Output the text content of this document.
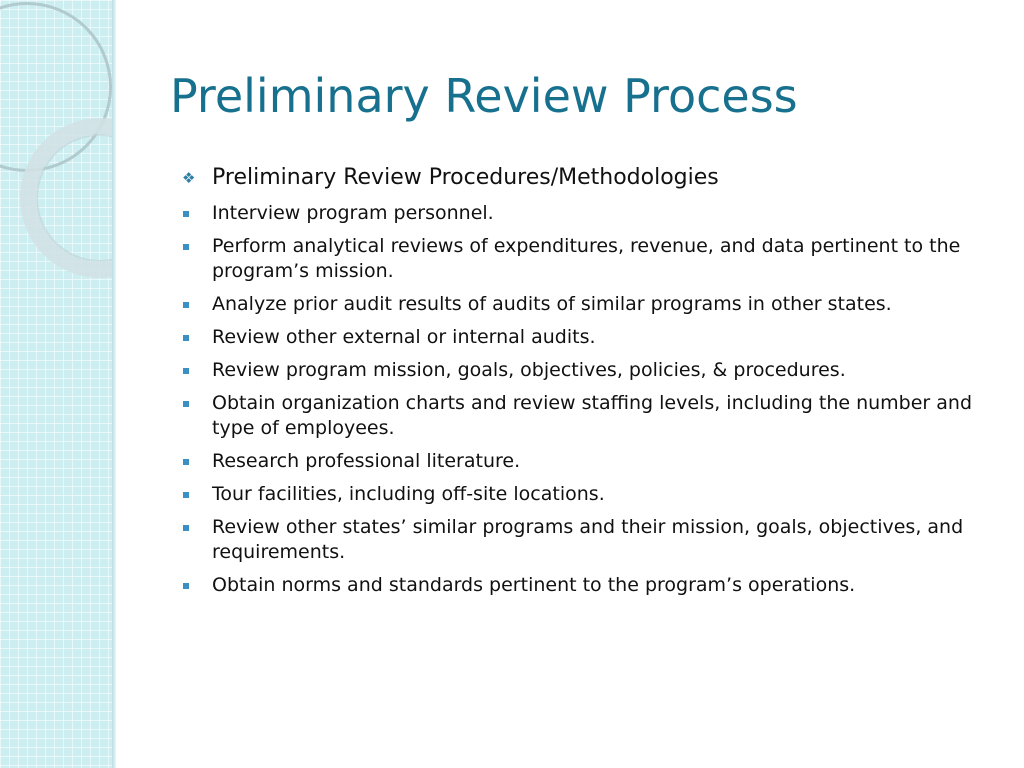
Preliminary Review Process
❖ Preliminary Review Procedures/Methodologies
Interview program personnel.
Perform analytical reviews of expenditures, revenue, and data pertinent to the program’s mission.
Analyze prior audit results of audits of similar programs in other states.
Review other external or internal audits.
Review program mission, goals, objectives, policies, & procedures.
Obtain organization charts and review staffing levels, including the number and type of employees.
Research professional literature.
Tour facilities, including off-site locations.
Review other states’ similar programs and their mission, goals, objectives, and requirements.
Obtain norms and standards pertinent to the program’s operations.
